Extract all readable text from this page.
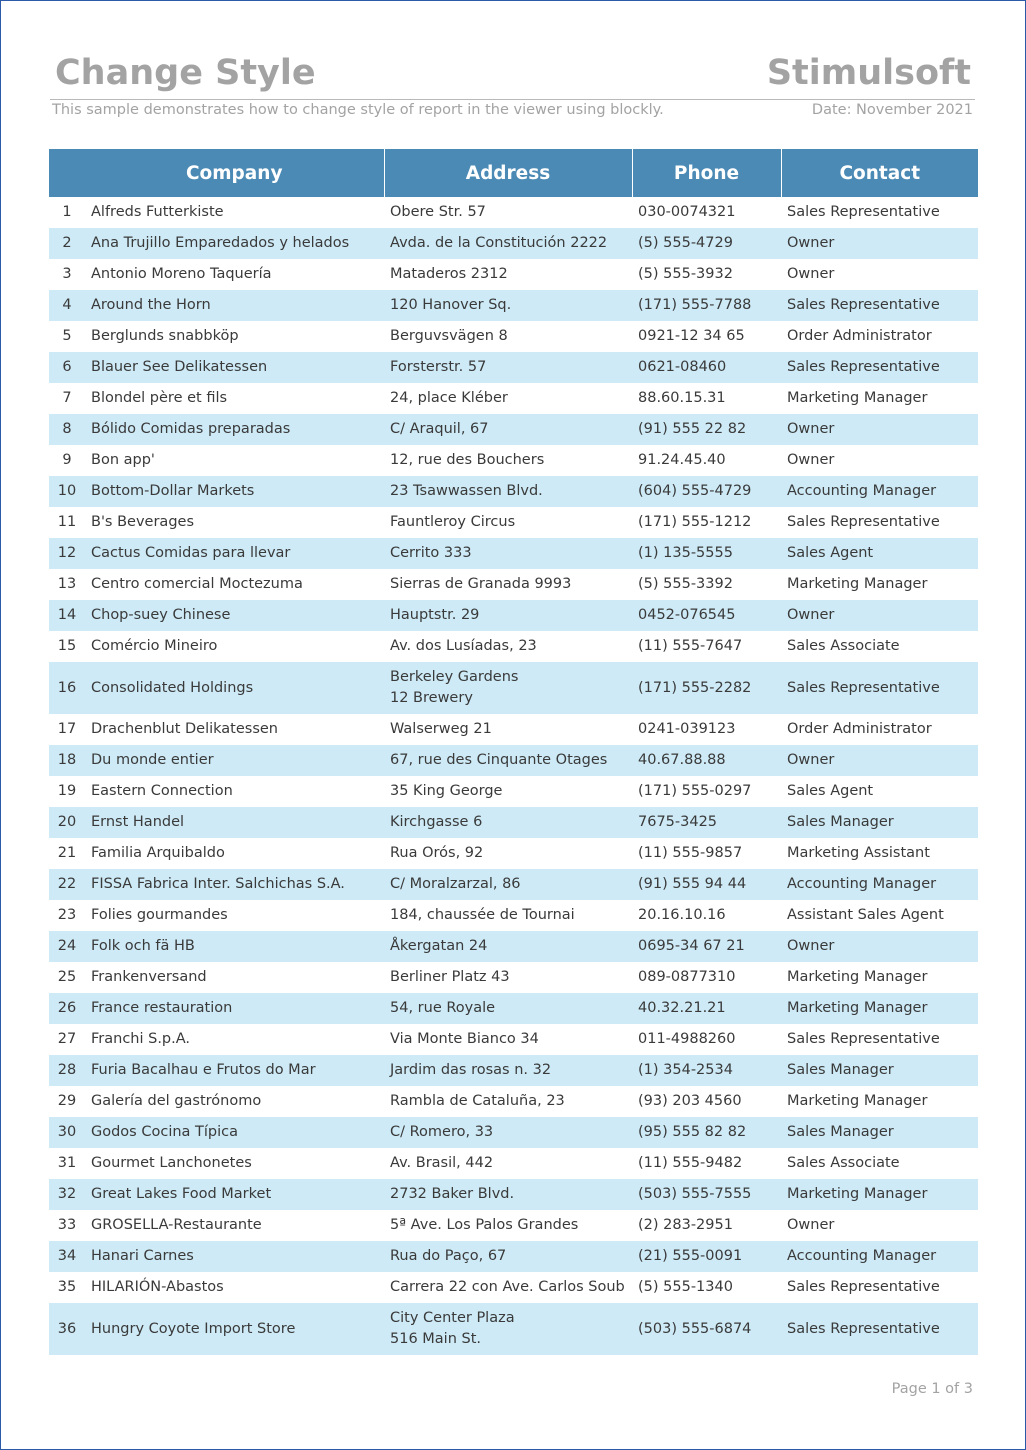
Change Style	Stimulsoft
This sample demonstrates how to change style of report in the viewer using blockly.	Date: November 2021
	Company	Address	Phone	Contact
1	Alfreds Futterkiste	Obere Str. 57	030-0074321	Sales Representative
2	Ana Trujillo Emparedados y helados	Avda. de la Constitución 2222	(5) 555-4729	Owner
3	Antonio Moreno Taquería	Mataderos 2312	(5) 555-3932	Owner
4	Around the Horn	120 Hanover Sq.	(171) 555-7788	Sales Representative
5	Berglunds snabbköp	Berguvsvägen 8	0921-12 34 65	Order Administrator
6	Blauer See Delikatessen	Forsterstr. 57	0621-08460	Sales Representative
7	Blondel père et fils	24, place Kléber	88.60.15.31	Marketing Manager
8	Bólido Comidas preparadas	C/ Araquil, 67	(91) 555 22 82	Owner
9	Bon app'	12, rue des Bouchers	91.24.45.40	Owner
10	Bottom-Dollar Markets	23 Tsawwassen Blvd.	(604) 555-4729	Accounting Manager
11	B's Beverages	Fauntleroy Circus	(171) 555-1212	Sales Representative
12	Cactus Comidas para llevar	Cerrito 333	(1) 135-5555	Sales Agent
13	Centro comercial Moctezuma	Sierras de Granada 9993	(5) 555-3392	Marketing Manager
14	Chop-suey Chinese	Hauptstr. 29	0452-076545	Owner
15	Comércio Mineiro	Av. dos Lusíadas, 23	(11) 555-7647	Sales Associate
16	Consolidated Holdings	Berkeley Gardens
12 Brewery	(171) 555-2282	Sales Representative
17	Drachenblut Delikatessen	Walserweg 21	0241-039123	Order Administrator
18	Du monde entier	67, rue des Cinquante Otages	40.67.88.88	Owner
19	Eastern Connection	35 King George	(171) 555-0297	Sales Agent
20	Ernst Handel	Kirchgasse 6	7675-3425	Sales Manager
21	Familia Arquibaldo	Rua Orós, 92	(11) 555-9857	Marketing Assistant
22	FISSA Fabrica Inter. Salchichas S.A.	C/ Moralzarzal, 86	(91) 555 94 44	Accounting Manager
23	Folies gourmandes	184, chaussée de Tournai	20.16.10.16	Assistant Sales Agent
24	Folk och fä HB	Åkergatan 24	0695-34 67 21	Owner
25	Frankenversand	Berliner Platz 43	089-0877310	Marketing Manager
26	France restauration	54, rue Royale	40.32.21.21	Marketing Manager
27	Franchi S.p.A.	Via Monte Bianco 34	011-4988260	Sales Representative
28	Furia Bacalhau e Frutos do Mar	Jardim das rosas n. 32	(1) 354-2534	Sales Manager
29	Galería del gastrónomo	Rambla de Cataluña, 23	(93) 203 4560	Marketing Manager
30	Godos Cocina Típica	C/ Romero, 33	(95) 555 82 82	Sales Manager
31	Gourmet Lanchonetes	Av. Brasil, 442	(11) 555-9482	Sales Associate
32	Great Lakes Food Market	2732 Baker Blvd.	(503) 555-7555	Marketing Manager
33	GROSELLA-Restaurante	5ª Ave. Los Palos Grandes	(2) 283-2951	Owner
34	Hanari Carnes	Rua do Paço, 67	(21) 555-0091	Accounting Manager
35	HILARIÓN-Abastos	Carrera 22 con Ave. Carlos Soub	(5) 555-1340	Sales Representative
36	Hungry Coyote Import Store	City Center Plaza
516 Main St.	(503) 555-6874	Sales Representative
Page 1 of 3
